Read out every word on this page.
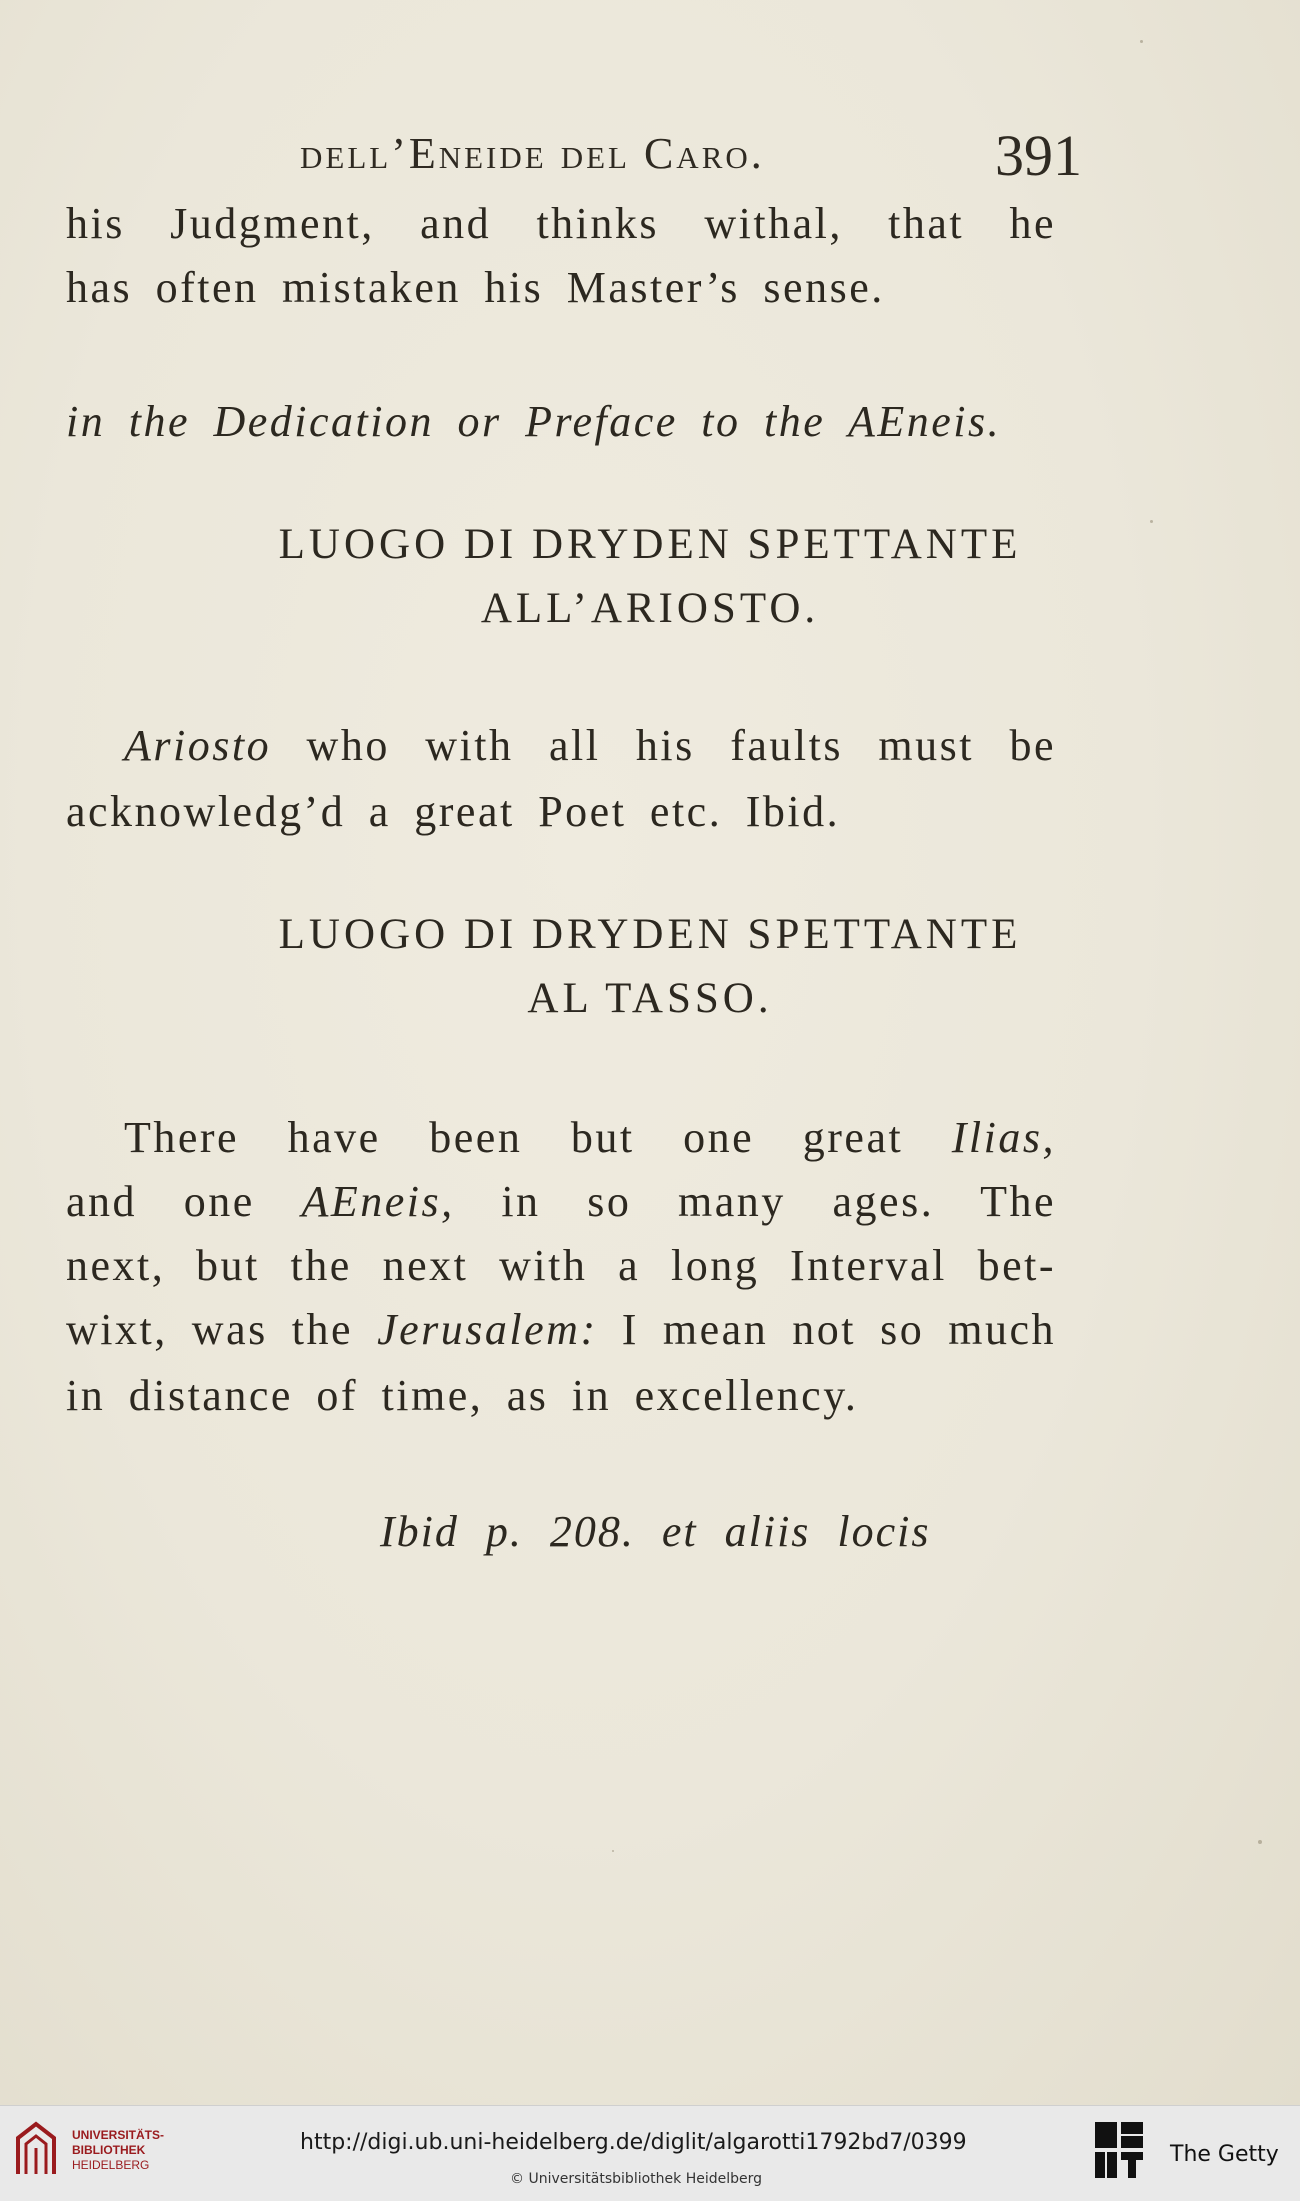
dell’Eneide del Caro.	391
his Judgment, and thinks withal, that he
has often mistaken his Master’s sense.
in the Dedication or Preface to the AEneis.
LUOGO DI DRYDEN SPETTANTE
ALL’ARIOSTO.
Ariosto who with all his faults must be
acknowledg’d a great Poet etc. Ibid.
LUOGO DI DRYDEN SPETTANTE
AL TASSO.
There have been but one great Ilias,
and one AEneis, in so many ages. The
next, but the next with a long Interval bet-
wixt, was the Jerusalem: I mean not so much
in distance of time, as in excellency.
Ibid p. 208. et aliis locis
UNIVERSITÄTS-
BIBLIOTHEK
HEIDELBERG
http://digi.ub.uni-heidelberg.de/diglit/algarotti1792bd7/0399
© Universitätsbibliothek Heidelberg
The Getty
